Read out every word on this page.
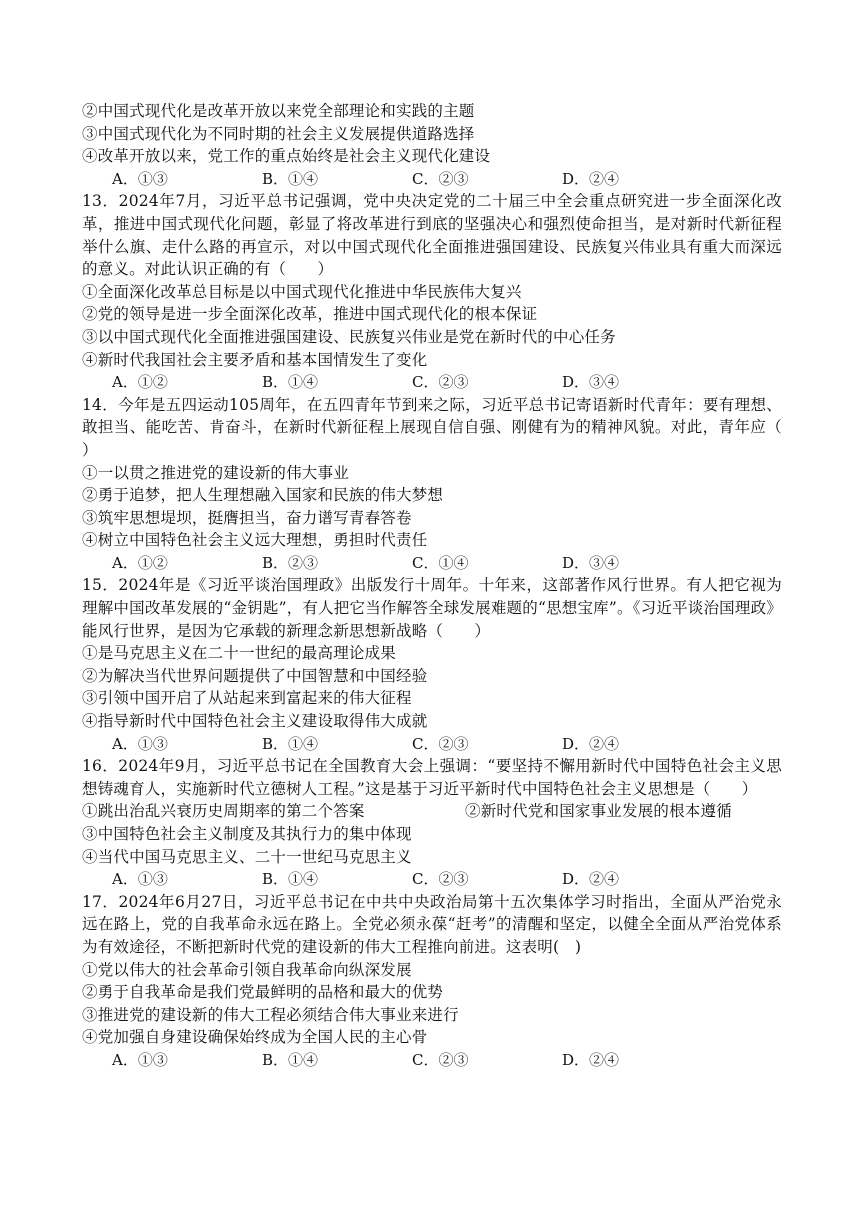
②中国式现代化是改革开放以来党全部理论和实践的主题
③中国式现代化为不同时期的社会主义发展提供道路选择
④改革开放以来，党工作的重点始终是社会主义现代化建设
A．①③	B．①④	C．②③	D．②④
13．2024年7月，习近平总书记强调，党中央决定党的二十届三中全会重点研究进一步全面深化改革，推进中国式现代化问题，彰显了将改革进行到底的坚强决心和强烈使命担当，是对新时代新征程举什么旗、走什么路的再宣示，对以中国式现代化全面推进强国建设、民族复兴伟业具有重大而深远的意义。对此认识正确的有（　　）
①全面深化改革总目标是以中国式现代化推进中华民族伟大复兴
②党的领导是进一步全面深化改革，推进中国式现代化的根本保证
③以中国式现代化全面推进强国建设、民族复兴伟业是党在新时代的中心任务
④新时代我国社会主要矛盾和基本国情发生了变化
A．①②	B．①④	C．②③	D．③④
14．今年是五四运动105周年，在五四青年节到来之际，习近平总书记寄语新时代青年：要有理想、敢担当、能吃苦、肯奋斗，在新时代新征程上展现自信自强、刚健有为的精神风貌。对此，青年应（　　）
①一以贯之推进党的建设新的伟大事业
②勇于追梦，把人生理想融入国家和民族的伟大梦想
③筑牢思想堤坝，挺膺担当，奋力谱写青春答卷
④树立中国特色社会主义远大理想，勇担时代责任
A．①②	B．②③	C．①④	D．③④
15．2024年是《习近平谈治国理政》出版发行十周年。十年来，这部著作风行世界。有人把它视为理解中国改革发展的“金钥匙”，有人把它当作解答全球发展难题的“思想宝库”。《习近平谈治国理政》能风行世界，是因为它承载的新理念新思想新战略（　　）
①是马克思主义在二十一世纪的最高理论成果
②为解决当代世界问题提供了中国智慧和中国经验
③引领中国开启了从站起来到富起来的伟大征程
④指导新时代中国特色社会主义建设取得伟大成就
A．①③	B．①④	C．②③	D．②④
16．2024年9月，习近平总书记在全国教育大会上强调：“要坚持不懈用新时代中国特色社会主义思想铸魂育人，实施新时代立德树人工程。”这是基于习近平新时代中国特色社会主义思想是（　　）
①跳出治乱兴衰历史周期率的第二个答案	②新时代党和国家事业发展的根本遵循
③中国特色社会主义制度及其执行力的集中体现
④当代中国马克思主义、二十一世纪马克思主义
A．①③	B．①④	C．②③	D．②④
17．2024年6月27日，习近平总书记在中共中央政治局第十五次集体学习时指出，全面从严治党永远在路上，党的自我革命永远在路上。全党必须永葆“赶考”的清醒和坚定，以健全全面从严治党体系为有效途径，不断把新时代党的建设新的伟大工程推向前进。这表明(　)
①党以伟大的社会革命引领自我革命向纵深发展
②勇于自我革命是我们党最鲜明的品格和最大的优势
③推进党的建设新的伟大工程必须结合伟大事业来进行
④党加强自身建设确保始终成为全国人民的主心骨
A．①③	B．①④	C．②③	D．②④
